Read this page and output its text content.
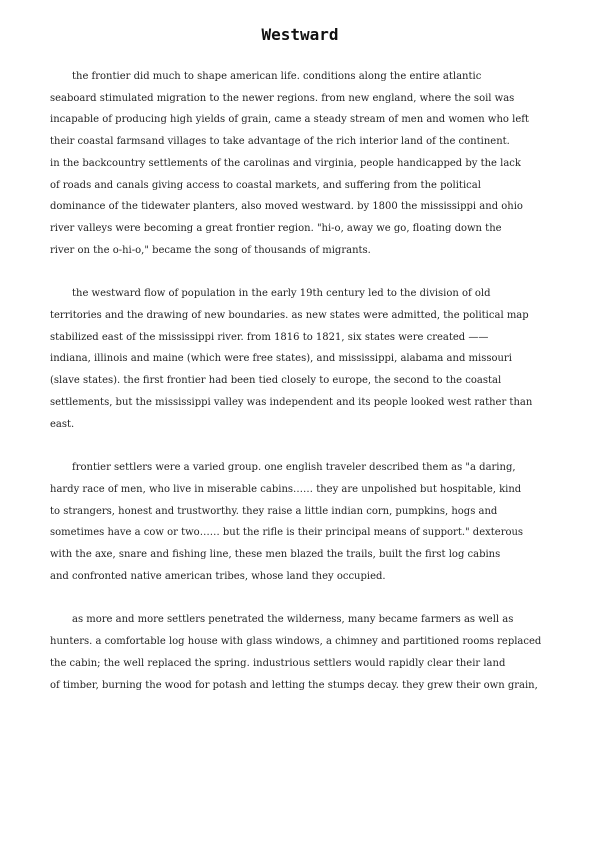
Westward

the frontier did much to shape american life. conditions along the entire atlantic
seaboard stimulated migration to the newer regions. from new england, where the soil was
incapable of producing high yields of grain, came a steady stream of men and women who left
their coastal farmsand villages to take advantage of the rich interior land of the continent.
in the backcountry settlements of the carolinas and virginia, people handicapped by the lack
of roads and canals giving access to coastal markets, and suffering from the political
dominance of the tidewater planters, also moved westward. by 1800 the mississippi and ohio
river valleys were becoming a great frontier region. "hi-o, away we go, floating down the
river on the o-hi-o," became the song of thousands of migrants.

the westward flow of population in the early 19th century led to the division of old
territories and the drawing of new boundaries. as new states were admitted, the political map
stabilized east of the mississippi river. from 1816 to 1821, six states were created ——
indiana, illinois and maine (which were free states), and mississippi, alabama and missouri
(slave states). the first frontier had been tied closely to europe, the second to the coastal
settlements, but the mississippi valley was independent and its people looked west rather than
east.

frontier settlers were a varied group. one english traveler described them as "a daring,
hardy race of men, who live in miserable cabins…… they are unpolished but hospitable, kind
to strangers, honest and trustworthy. they raise a little indian corn, pumpkins, hogs and
sometimes have a cow or two…… but the rifle is their principal means of support." dexterous
with the axe, snare and fishing line, these men blazed the trails, built the first log cabins
and confronted native american tribes, whose land they occupied.

as more and more settlers penetrated the wilderness, many became farmers as well as
hunters. a comfortable log house with glass windows, a chimney and partitioned rooms replaced
the cabin; the well replaced the spring. industrious settlers would rapidly clear their land
of timber, burning the wood for potash and letting the stumps decay. they grew their own grain,
